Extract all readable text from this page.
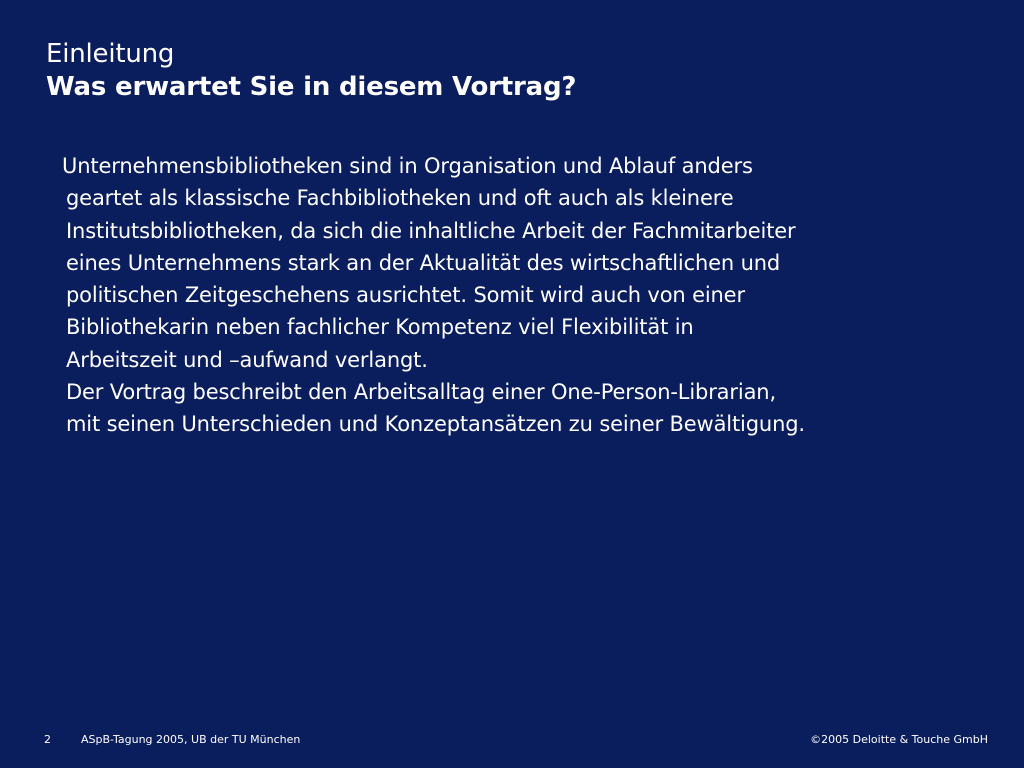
Einleitung
Was erwartet Sie in diesem Vortrag?
Unternehmensbibliotheken sind in Organisation und Ablauf anders
geartet als klassische Fachbibliotheken und oft auch als kleinere
Institutsbibliotheken, da sich die inhaltliche Arbeit der Fachmitarbeiter
eines Unternehmens stark an der Aktualität des wirtschaftlichen und
politischen Zeitgeschehens ausrichtet. Somit wird auch von einer
Bibliothekarin neben fachlicher Kompetenz viel Flexibilität in
Arbeitszeit und –aufwand verlangt.
Der Vortrag beschreibt den Arbeitsalltag einer One-Person-Librarian,
mit seinen Unterschieden und Konzeptansätzen zu seiner Bewältigung.
2	ASpB-Tagung 2005, UB der TU München	©2005 Deloitte & Touche GmbH
